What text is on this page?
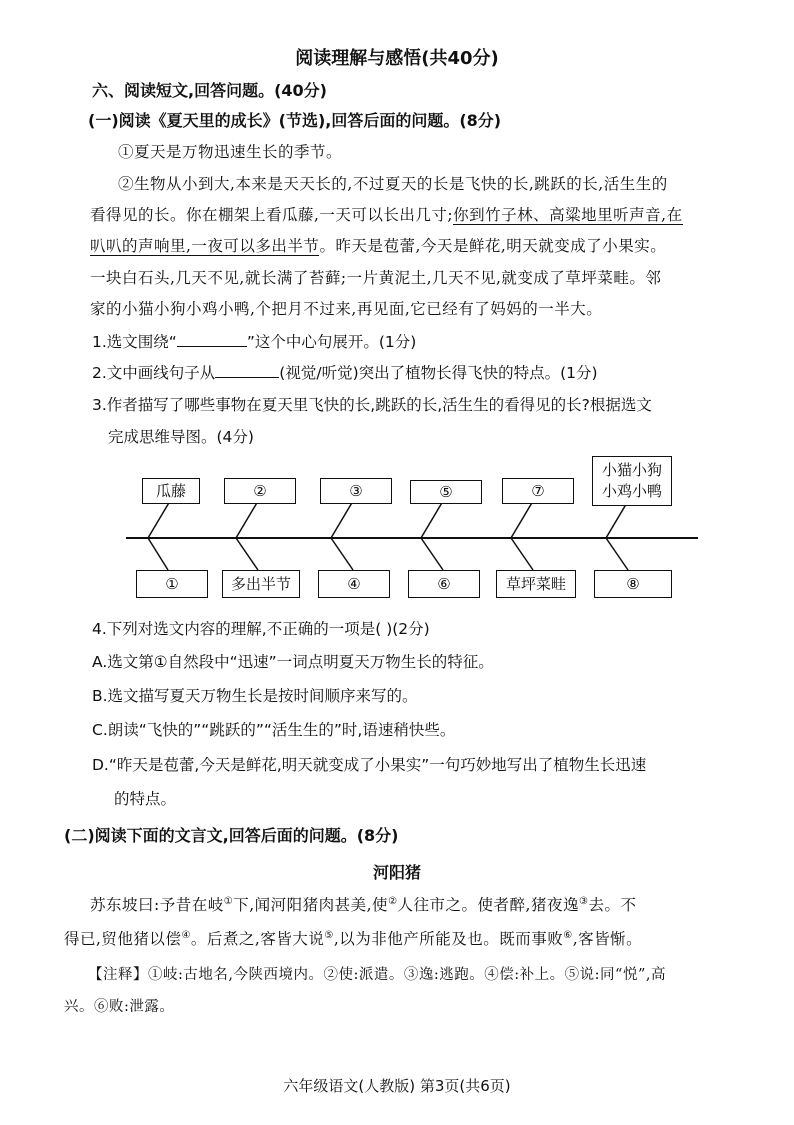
阅读理解与感悟(共40分)
六、阅读短文,回答问题。(40分)
(一)阅读《夏天里的成长》(节选),回答后面的问题。(8分)
①夏天是万物迅速生长的季节。
②生物从小到大,本来是天天长的,不过夏天的长是飞快的长,跳跃的长,活生生的
看得见的长。你在棚架上看瓜藤,一天可以长出几寸;你到竹子林、高粱地里听声音,在
叭叭的声响里,一夜可以多出半节。昨天是苞蕾,今天是鲜花,明天就变成了小果实。
一块白石头,几天不见,就长满了苔藓;一片黄泥土,几天不见,就变成了草坪菜畦。邻
家的小猫小狗小鸡小鸭,个把月不过来,再见面,它已经有了妈妈的一半大。
1.选文围绕“	”这个中心句展开。(1分)
2.文中画线句子从	(视觉/听觉)突出了植物长得飞快的特点。(1分)
3.作者描写了哪些事物在夏天里飞快的长,跳跃的长,活生生的看得见的长?根据选文
完成思维导图。(4分)
瓜藤	②	③	⑤	⑦
小猫小狗
小鸡小鸭
①	多出半节	④	⑥	草坪菜畦	⑧
4.下列对选文内容的理解,不正确的一项是( )(2分)
A.选文第①自然段中“迅速”一词点明夏天万物生长的特征。
B.选文描写夏天万物生长是按时间顺序来写的。
C.朗读“飞快的”“跳跃的”“活生生的”时,语速稍快些。
D.“昨天是苞蕾,今天是鲜花,明天就变成了小果实”一句巧妙地写出了植物生长迅速
的特点。
(二)阅读下面的文言文,回答后面的问题。(8分)
河阳猪
苏东坡曰:予昔在岐①下,闻河阳猪肉甚美,使②人往市之。使者醉,猪夜逸③去。不
得已,贸他猪以偿④。后煮之,客皆大说⑤,以为非他产所能及也。既而事败⑥,客皆惭。
【注释】①岐:古地名,今陕西境内。②使:派遣。③逸:逃跑。④偿:补上。⑤说:同“悦”,高
兴。⑥败:泄露。
六年级语文(人教版) 第3页(共6页)
